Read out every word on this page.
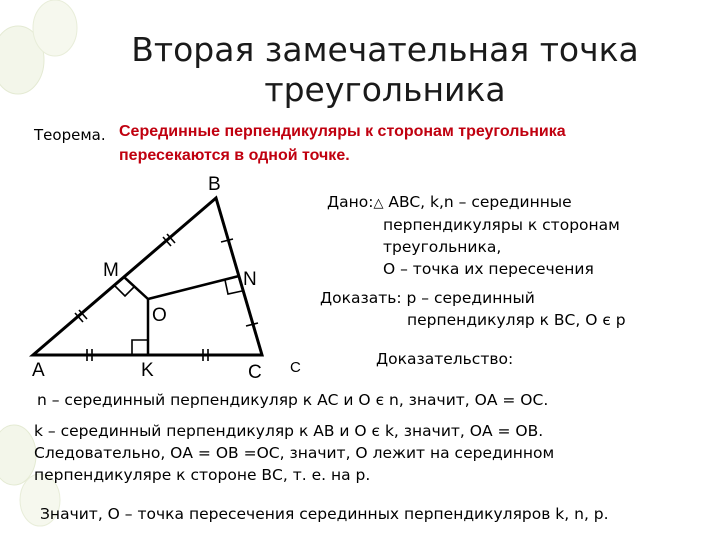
Вторая замечательная точка
треугольника
Теорема. Серединные перпендикуляры к сторонам треугольника
пересекаются в одной точке.
B
M	N
O
A	K	C С
Дано:△ ABC, k,n – серединные
перпендикуляры к сторонам
треугольника,
О – точка их пересечения
Доказать: p – серединный
перпендикуляр к ВС, О є p
Доказательство:
n – серединный перпендикуляр к АС и О є n, значит, ОА = ОС.
k – серединный перпендикуляр к АВ и О є k, значит, ОА = ОВ.
Следовательно, ОА = ОВ =ОС, значит, О лежит на серединном
перпендикуляре к стороне ВС, т. е. на p.
Значит, О – точка пересечения серединных перпендикуляров k, n, p.
